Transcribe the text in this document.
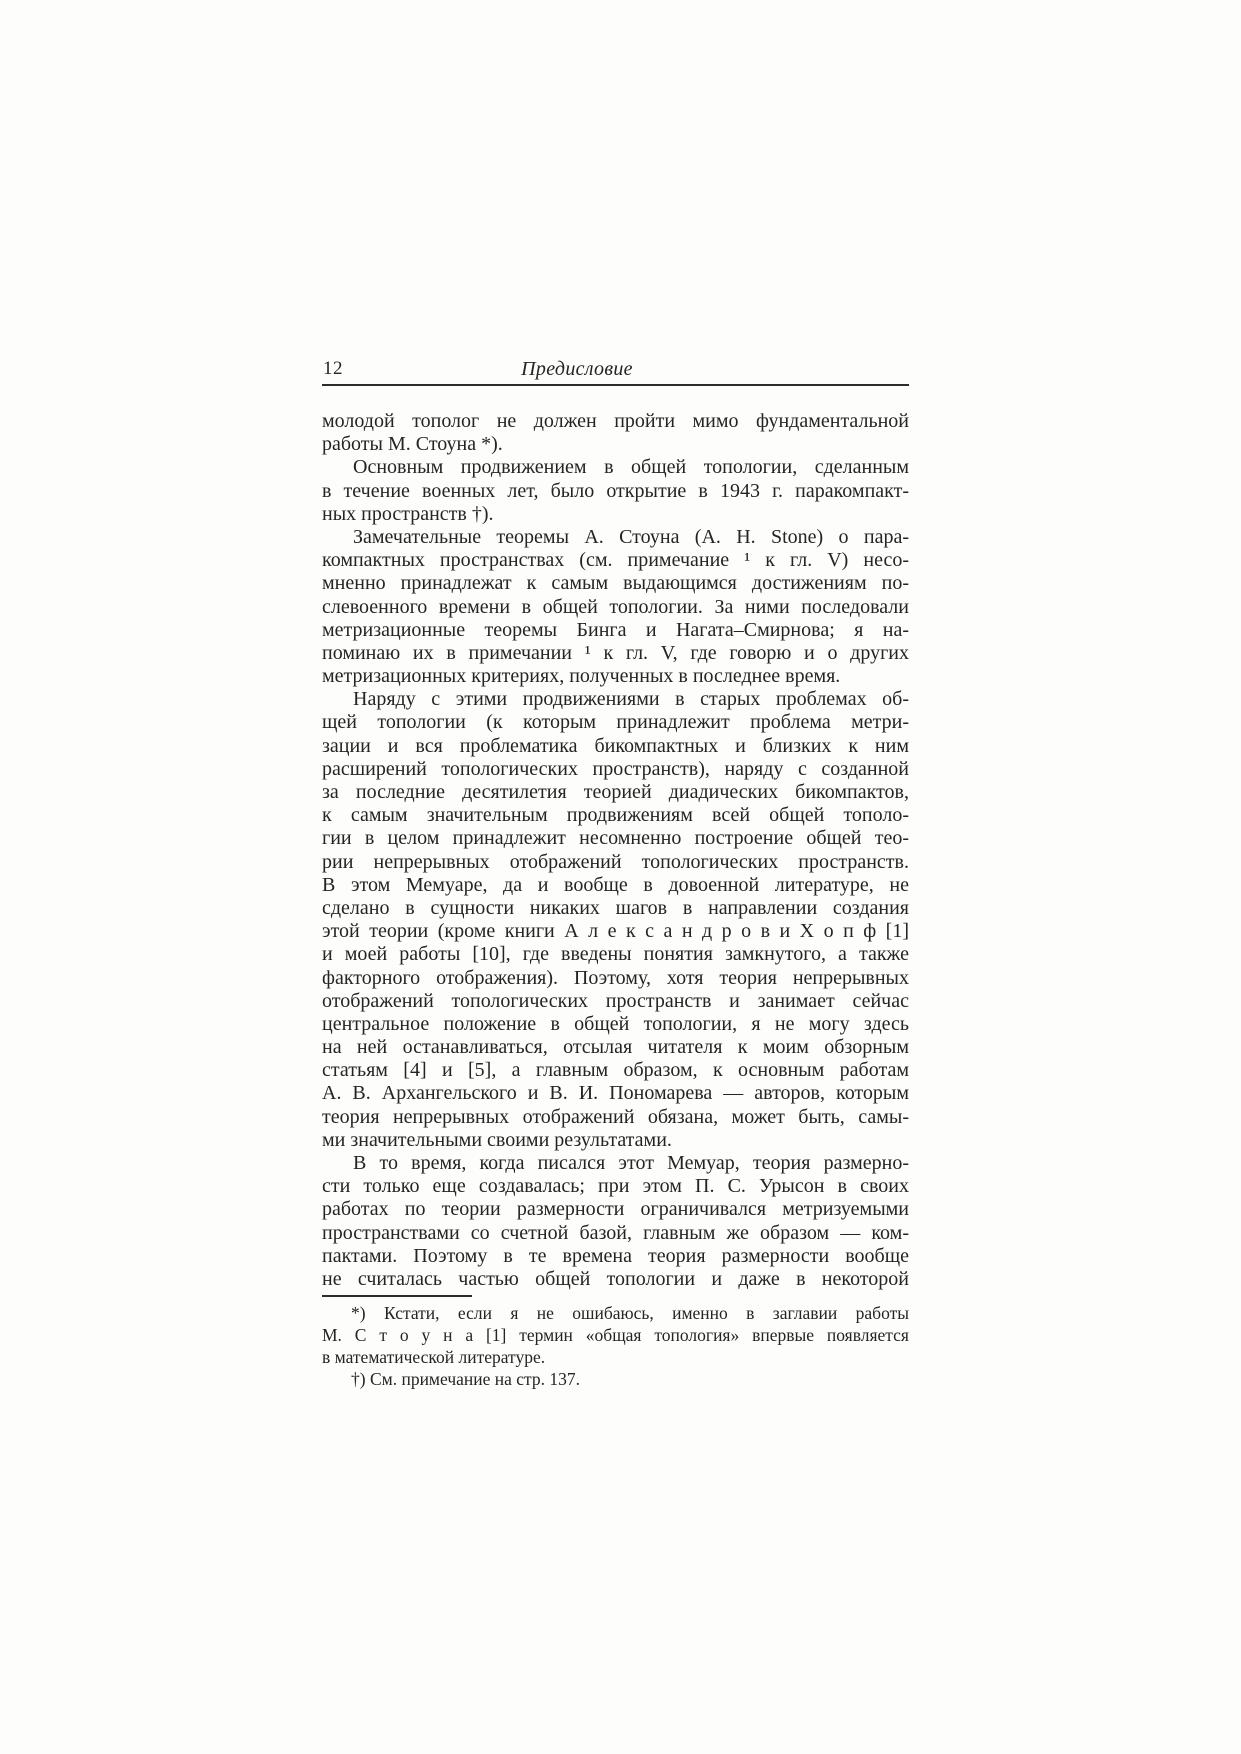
12	Предисловие
молодой тополог не должен пройти мимо фундаментальной
работы М. Стоуна *).
Основным продвижением в общей топологии, сделанным
в течение военных лет, было открытие в 1943 г. паракомпакт-
ных пространств †).
Замечательные теоремы А. Стоуна (A. H. Stone) о пара-
компактных пространствах (см. примечание ¹ к гл. V) несо-
мненно принадлежат к самым выдающимся достижениям по-
слевоенного времени в общей топологии. За ними последовали
метризационные теоремы Бинга и Нагата–Смирнова; я на-
поминаю их в примечании ¹ к гл. V, где говорю и о других
метризационных критериях, полученных в последнее время.
Наряду с этими продвижениями в старых проблемах об-
щей топологии (к которым принадлежит проблема метри-
зации и вся проблематика бикомпактных и близких к ним
расширений топологических пространств), наряду с созданной
за последние десятилетия теорией диадических бикомпактов,
к самым значительным продвижениям всей общей тополо-
гии в целом принадлежит несомненно построение общей тео-
рии непрерывных отображений топологических пространств.
В этом Мемуаре, да и вообще в довоенной литературе, не
сделано в сущности никаких шагов в направлении создания
этой теории (кроме книги А л е к с а н д р о в и Х о п ф [1]
и моей работы [10], где введены понятия замкнутого, а также
факторного отображения). Поэтому, хотя теория непрерывных
отображений топологических пространств и занимает сейчас
центральное положение в общей топологии, я не могу здесь
на ней останавливаться, отсылая читателя к моим обзорным
статьям [4] и [5], а главным образом, к основным работам
А. В. Архангельского и В. И. Пономарева — авторов, которым
теория непрерывных отображений обязана, может быть, самы-
ми значительными своими результатами.
В то время, когда писался этот Мемуар, теория размерно-
сти только еще создавалась; при этом П. С. Урысон в своих
работах по теории размерности ограничивался метризуемыми
пространствами со счетной базой, главным же образом — ком-
пактами. Поэтому в те времена теория размерности вообще
не считалась частью общей топологии и даже в некоторой
*) Кстати, если я не ошибаюсь, именно в заглавии работы
М. С т о у н а [1] термин «общая топология» впервые появляется
в математической литературе.
†) См. примечание на стр. 137.
